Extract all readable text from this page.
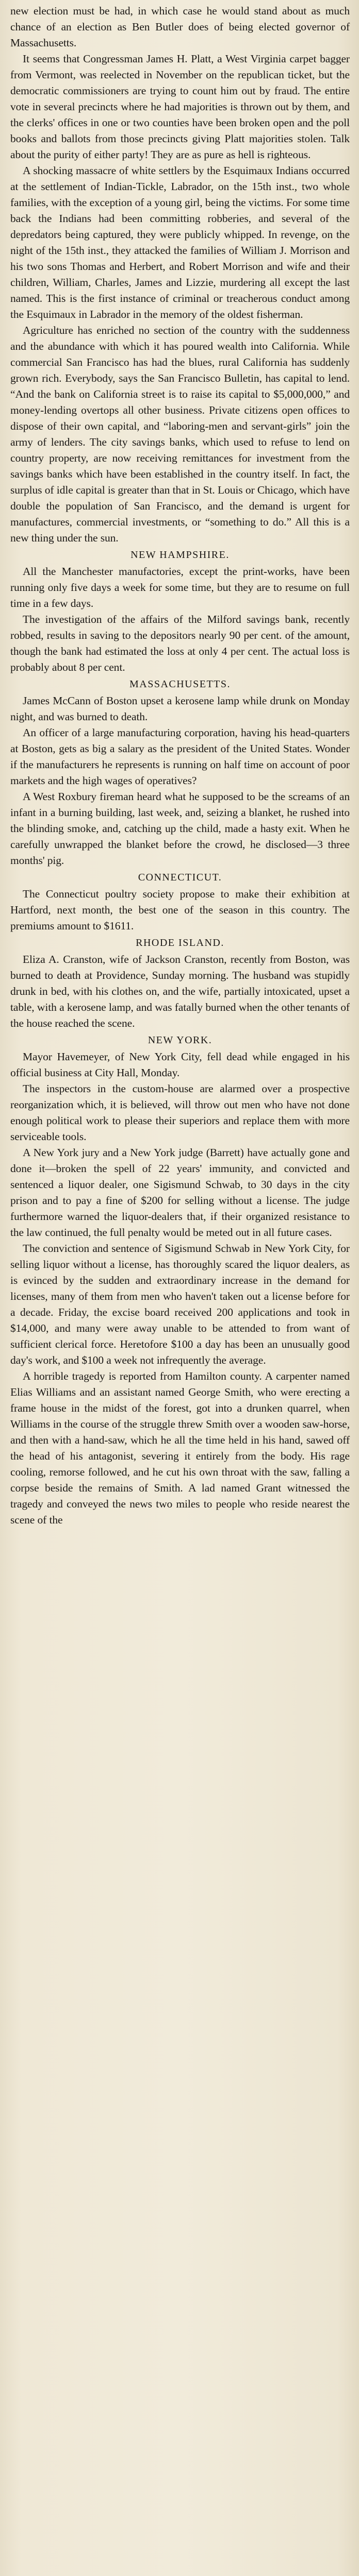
new election must be had, in which case he would stand about as much chance of an election as Ben Butler does of being elected governor of Massachusetts.

It seems that Congressman James H. Platt, a West Virginia carpet bagger from Vermont, was reelected in November on the republican ticket, but the democratic commissioners are trying to count him out by fraud. The entire vote in several precincts where he had majorities is thrown out by them, and the clerks' offices in one or two counties have been broken open and the poll books and ballots from those precincts giving Platt majorities stolen. Talk about the purity of either party! They are as pure as hell is righteous.

A shocking massacre of white settlers by the Esquimaux Indians occurred at the settlement of Indian-Tickle, Labrador, on the 15th inst., two whole families, with the exception of a young girl, being the victims. For some time back the Indians had been committing robberies, and several of the depredators being captured, they were publicly whipped. In revenge, on the night of the 15th inst., they attacked the families of William J. Morrison and his two sons Thomas and Herbert, and Robert Morrison and wife and their children, William, Charles, James and Lizzie, murdering all except the last named. This is the first instance of criminal or treacherous conduct among the Esquimaux in Labrador in the memory of the oldest fisherman.

Agriculture has enriched no section of the country with the suddenness and the abundance with which it has poured wealth into California. While commercial San Francisco has had the blues, rural California has suddenly grown rich. Everybody, says the San Francisco Bulletin, has capital to lend. “And the bank on California street is to raise its capital to $5,000,000,” and money-lending overtops all other business. Private citizens open offices to dispose of their own capital, and “laboring-men and servant-girls” join the army of lenders. The city savings banks, which used to refuse to lend on country property, are now receiving remittances for investment from the savings banks which have been established in the country itself. In fact, the surplus of idle capital is greater than that in St. Louis or Chicago, which have double the population of San Francisco, and the demand is urgent for manufactures, commercial investments, or “something to do.” All this is a new thing under the sun.

NEW HAMPSHIRE.

All the Manchester manufactories, except the print-works, have been running only five days a week for some time, but they are to resume on full time in a few days.

The investigation of the affairs of the Milford savings bank, recently robbed, results in saving to the depositors nearly 90 per cent. of the amount, though the bank had estimated the loss at only 4 per cent. The actual loss is probably about 8 per cent.

MASSACHUSETTS.

James McCann of Boston upset a kerosene lamp while drunk on Monday night, and was burned to death.

An officer of a large manufacturing corporation, having his head-quarters at Boston, gets as big a salary as the president of the United States. Wonder if the manufacturers he represents is running on half time on account of poor markets and the high wages of operatives?

A West Roxbury fireman heard what he supposed to be the screams of an infant in a burning building, last week, and, seizing a blanket, he rushed into the blinding smoke, and, catching up the child, made a hasty exit. When he carefully unwrapped the blanket before the crowd, he disclosed—3 three months' pig.

CONNECTICUT.

The Connecticut poultry society propose to make their exhibition at Hartford, next month, the best one of the season in this country. The premiums amount to $1611.

RHODE ISLAND.

Eliza A. Cranston, wife of Jackson Cranston, recently from Boston, was burned to death at Providence, Sunday morning. The husband was stupidly drunk in bed, with his clothes on, and the wife, partially intoxicated, upset a table, with a kerosene lamp, and was fatally burned when the other tenants of the house reached the scene.

NEW YORK.

Mayor Havemeyer, of New York City, fell dead while engaged in his official business at City Hall, Monday.

The inspectors in the custom-house are alarmed over a prospective reorganization which, it is believed, will throw out men who have not done enough political work to please their superiors and replace them with more serviceable tools.

A New York jury and a New York judge (Barrett) have actually gone and done it—broken the spell of 22 years' immunity, and convicted and sentenced a liquor dealer, one Sigismund Schwab, to 30 days in the city prison and to pay a fine of $200 for selling without a license. The judge furthermore warned the liquor-dealers that, if their organized resistance to the law continued, the full penalty would be meted out in all future cases.

The conviction and sentence of Sigismund Schwab in New York City, for selling liquor without a license, has thoroughly scared the liquor dealers, as is evinced by the sudden and extraordinary increase in the demand for licenses, many of them from men who haven't taken out a license before for a decade. Friday, the excise board received 200 applications and took in $14,000, and many were away unable to be attended to from want of sufficient clerical force. Heretofore $100 a day has been an unusually good day's work, and $100 a week not infrequently the average.

A horrible tragedy is reported from Hamilton county. A carpenter named Elias Williams and an assistant named George Smith, who were erecting a frame house in the midst of the forest, got into a drunken quarrel, when Williams in the course of the struggle threw Smith over a wooden saw-horse, and then with a hand-saw, which he all the time held in his hand, sawed off the head of his antagonist, severing it entirely from the body. His rage cooling, remorse followed, and he cut his own throat with the saw, falling a corpse beside the remains of Smith. A lad named Grant witnessed the tragedy and conveyed the news two miles to people who reside nearest the scene of the
